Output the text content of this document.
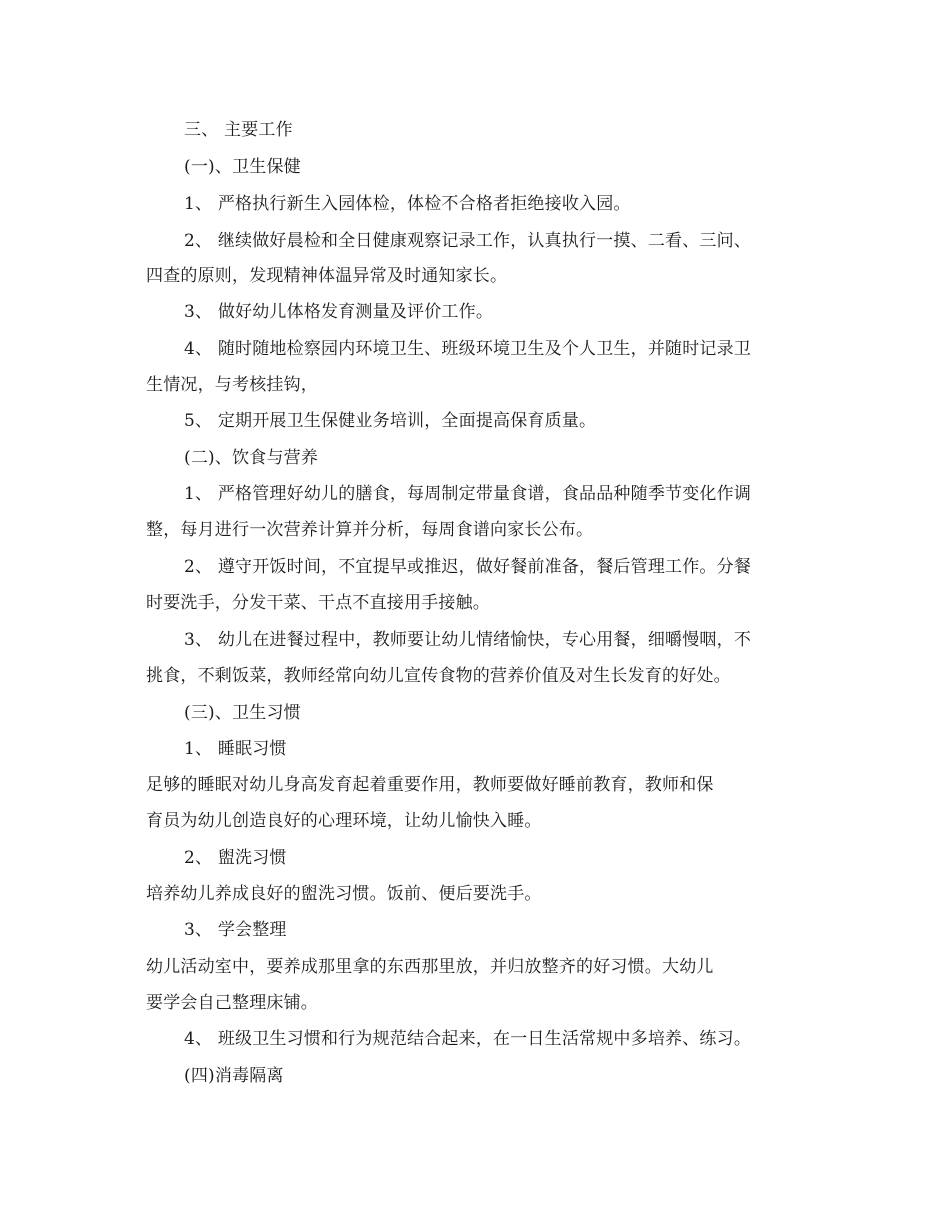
三、 主要工作
(一)、卫生保健
1、 严格执行新生入园体检，体检不合格者拒绝接收入园。
2、 继续做好晨检和全日健康观察记录工作，认真执行一摸、二看、三问、
四查的原则，发现精神体温异常及时通知家长。
3、 做好幼儿体格发育测量及评价工作。
4、 随时随地检察园内环境卫生、班级环境卫生及个人卫生，并随时记录卫
生情况，与考核挂钩，
5、 定期开展卫生保健业务培训，全面提高保育质量。
(二)、饮食与营养
1、 严格管理好幼儿的膳食，每周制定带量食谱，食品品种随季节变化作调
整，每月进行一次营养计算并分析，每周食谱向家长公布。
2、 遵守开饭时间，不宜提早或推迟，做好餐前准备，餐后管理工作。分餐
时要洗手，分发干菜、干点不直接用手接触。
3、 幼儿在进餐过程中，教师要让幼儿情绪愉快，专心用餐，细嚼慢咽，不
挑食，不剩饭菜，教师经常向幼儿宣传食物的营养价值及对生长发育的好处。
(三)、卫生习惯
1、 睡眠习惯
足够的睡眠对幼儿身高发育起着重要作用，教师要做好睡前教育，教师和保
育员为幼儿创造良好的心理环境，让幼儿愉快入睡。
2、 盥洗习惯
培养幼儿养成良好的盥洗习惯。饭前、便后要洗手。
3、 学会整理
幼儿活动室中，要养成那里拿的东西那里放，并归放整齐的好习惯。大幼儿
要学会自己整理床铺。
4、 班级卫生习惯和行为规范结合起来，在一日生活常规中多培养、练习。
(四)消毒隔离
